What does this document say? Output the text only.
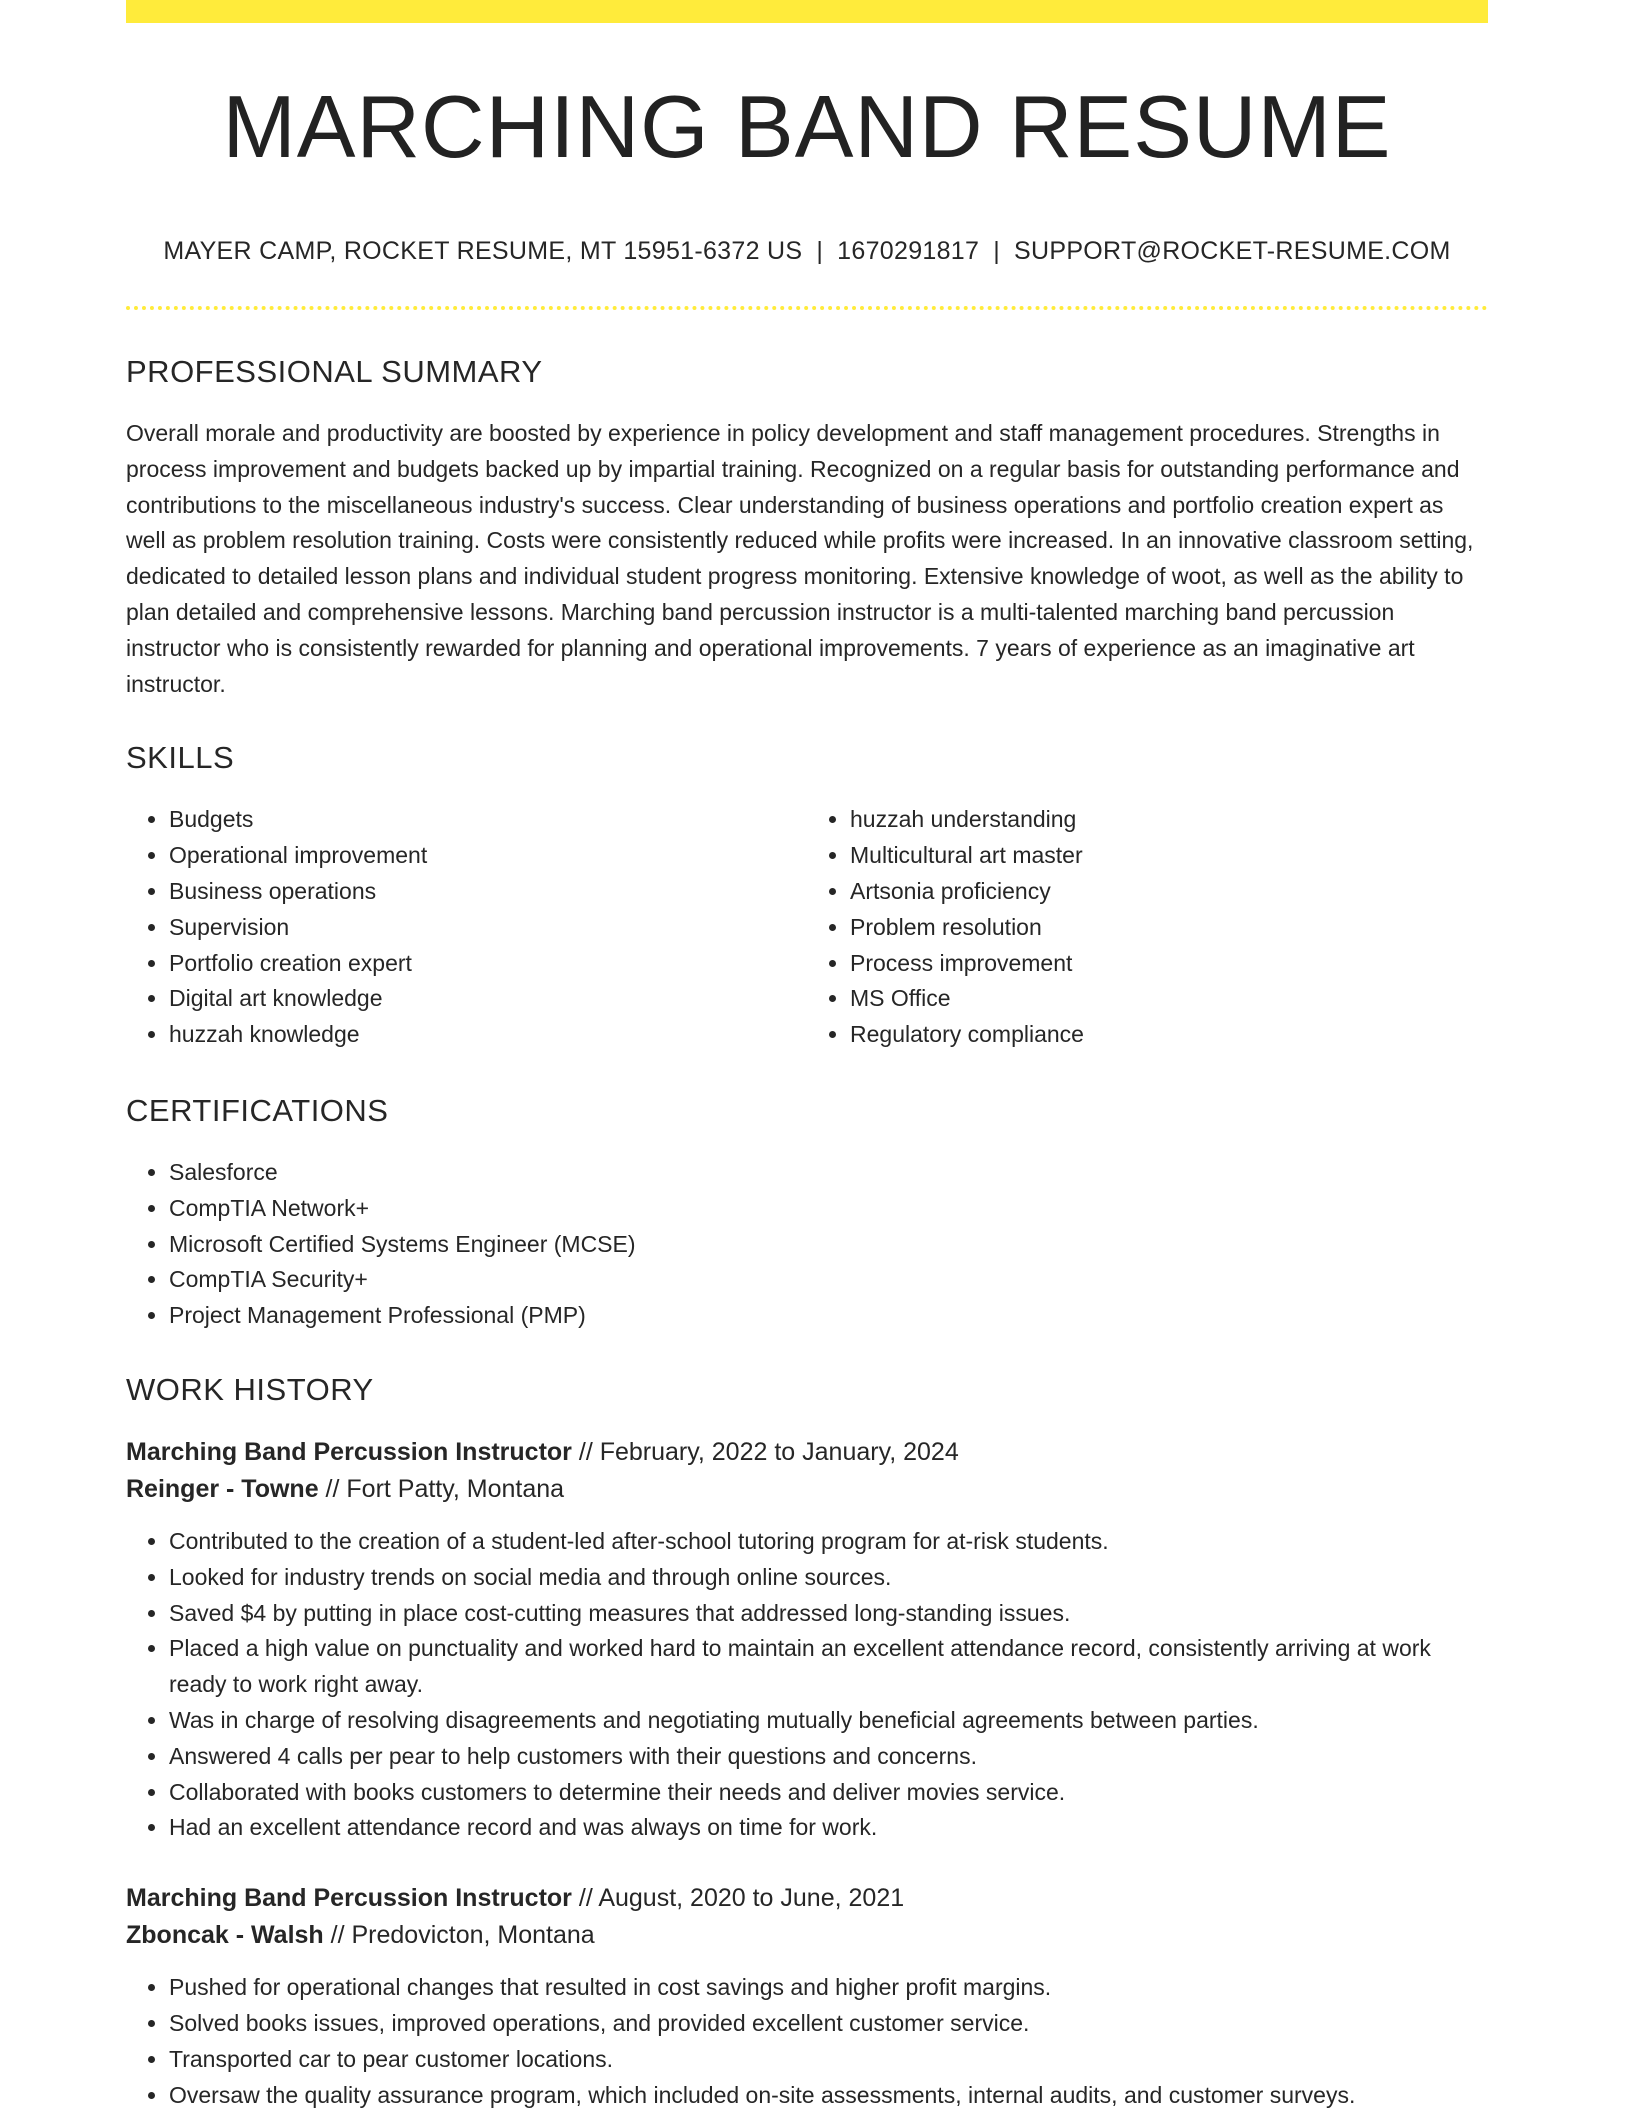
MARCHING BAND RESUME
MAYER CAMP, ROCKET RESUME, MT 15951-6372 US | 1670291817 | SUPPORT@ROCKET-RESUME.COM
PROFESSIONAL SUMMARY

Overall morale and productivity are boosted by experience in policy development and staff management procedures. Strengths in process improvement and budgets backed up by impartial training. Recognized on a regular basis for outstanding performance and contributions to the miscellaneous industry's success. Clear understanding of business operations and portfolio creation expert as well as problem resolution training. Costs were consistently reduced while profits were increased. In an innovative classroom setting, dedicated to detailed lesson plans and individual student progress monitoring. Extensive knowledge of woot, as well as the ability to plan detailed and comprehensive lessons. Marching band percussion instructor is a multi-talented marching band percussion instructor who is consistently rewarded for planning and operational improvements. 7 years of experience as an imaginative art instructor.

SKILLS
• Budgets
• Operational improvement
• Business operations
• Supervision
• Portfolio creation expert
• Digital art knowledge
• huzzah knowledge
• huzzah understanding
• Multicultural art master
• Artsonia proficiency
• Problem resolution
• Process improvement
• MS Office
• Regulatory compliance
CERTIFICATIONS
• Salesforce
• CompTIA Network+
• Microsoft Certified Systems Engineer (MCSE)
• CompTIA Security+
• Project Management Professional (PMP)
WORK HISTORY
Marching Band Percussion Instructor // February, 2022 to January, 2024
Reinger - Towne // Fort Patty, Montana
• Contributed to the creation of a student-led after-school tutoring program for at-risk students.
• Looked for industry trends on social media and through online sources.
• Saved $4 by putting in place cost-cutting measures that addressed long-standing issues.
• Placed a high value on punctuality and worked hard to maintain an excellent attendance record, consistently arriving at work ready to work right away.
• Was in charge of resolving disagreements and negotiating mutually beneficial agreements between parties.
• Answered 4 calls per pear to help customers with their questions and concerns.
• Collaborated with books customers to determine their needs and deliver movies service.
• Had an excellent attendance record and was always on time for work.
Marching Band Percussion Instructor // August, 2020 to June, 2021
Zboncak - Walsh // Predovicton, Montana
• Pushed for operational changes that resulted in cost savings and higher profit margins.
• Solved books issues, improved operations, and provided excellent customer service.
• Transported car to pear customer locations.
• Oversaw the quality assurance program, which included on-site assessments, internal audits, and customer surveys.
